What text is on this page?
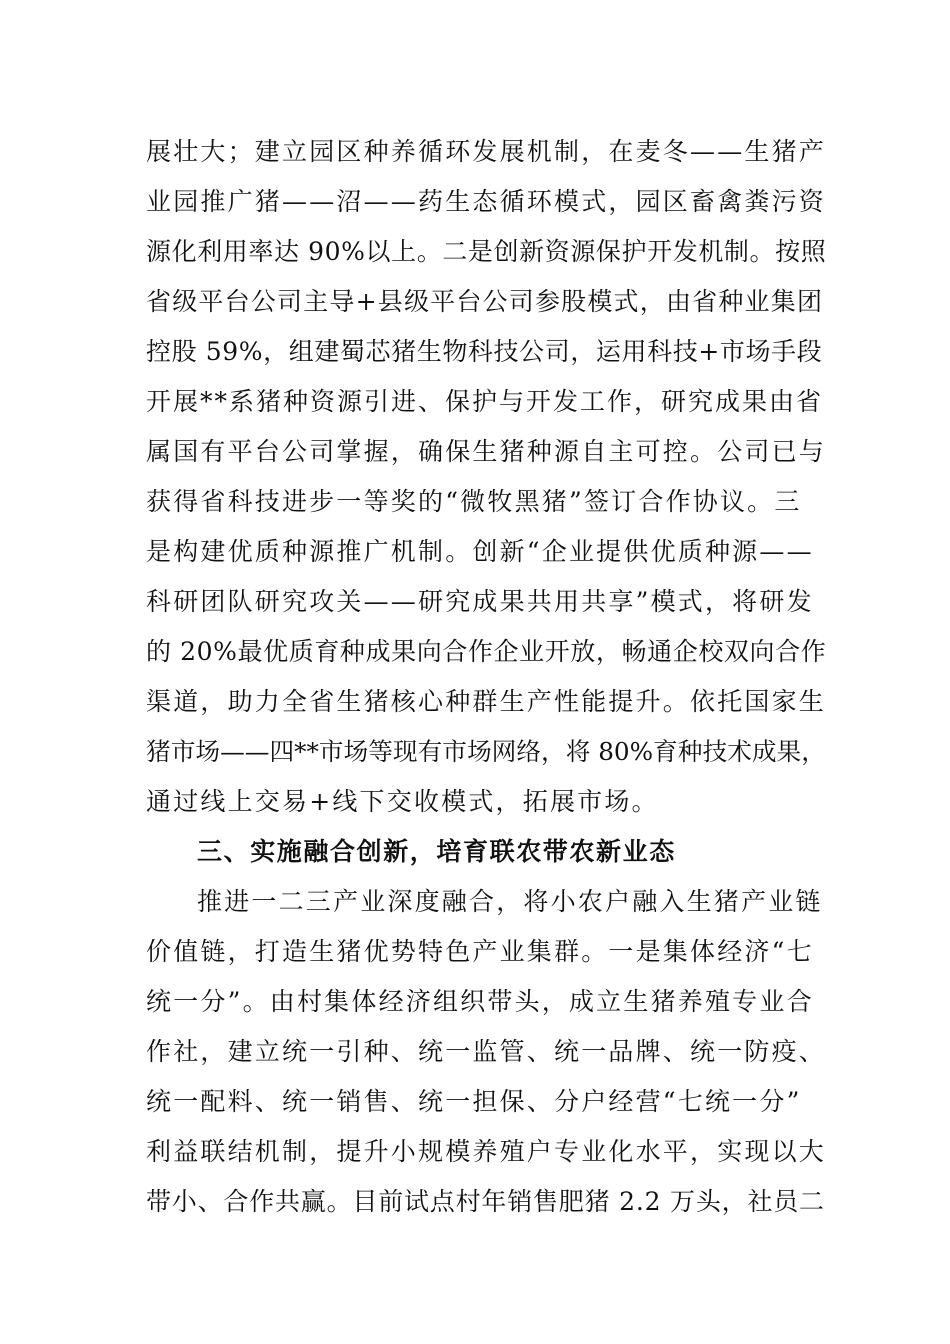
展壮大；建立园区种养循环发展机制，在麦冬——生猪产
业园推广猪——沼——药生态循环模式，园区畜禽粪污资
源化利用率达 90%以上。二是创新资源保护开发机制。按照
省级平台公司主导+县级平台公司参股模式，由省种业集团
控股 59%，组建蜀芯猪生物科技公司，运用科技+市场手段
开展**系猪种资源引进、保护与开发工作，研究成果由省
属国有平台公司掌握，确保生猪种源自主可控。公司已与
获得省科技进步一等奖的“微牧黑猪”签订合作协议。三
是构建优质种源推广机制。创新“企业提供优质种源——
科研团队研究攻关——研究成果共用共享”模式，将研发
的 20%最优质育种成果向合作企业开放，畅通企校双向合作
渠道，助力全省生猪核心种群生产性能提升。依托国家生
猪市场——四**市场等现有市场网络，将 80%育种技术成果，
通过线上交易+线下交收模式，拓展市场。
三、实施融合创新，培育联农带农新业态
推进一二三产业深度融合，将小农户融入生猪产业链
价值链，打造生猪优势特色产业集群。一是集体经济“七
统一分”。由村集体经济组织带头，成立生猪养殖专业合
作社，建立统一引种、统一监管、统一品牌、统一防疫、
统一配料、统一销售、统一担保、分户经营“七统一分”
利益联结机制，提升小规模养殖户专业化水平，实现以大
带小、合作共赢。目前试点村年销售肥猪 2.2 万头，社员二
